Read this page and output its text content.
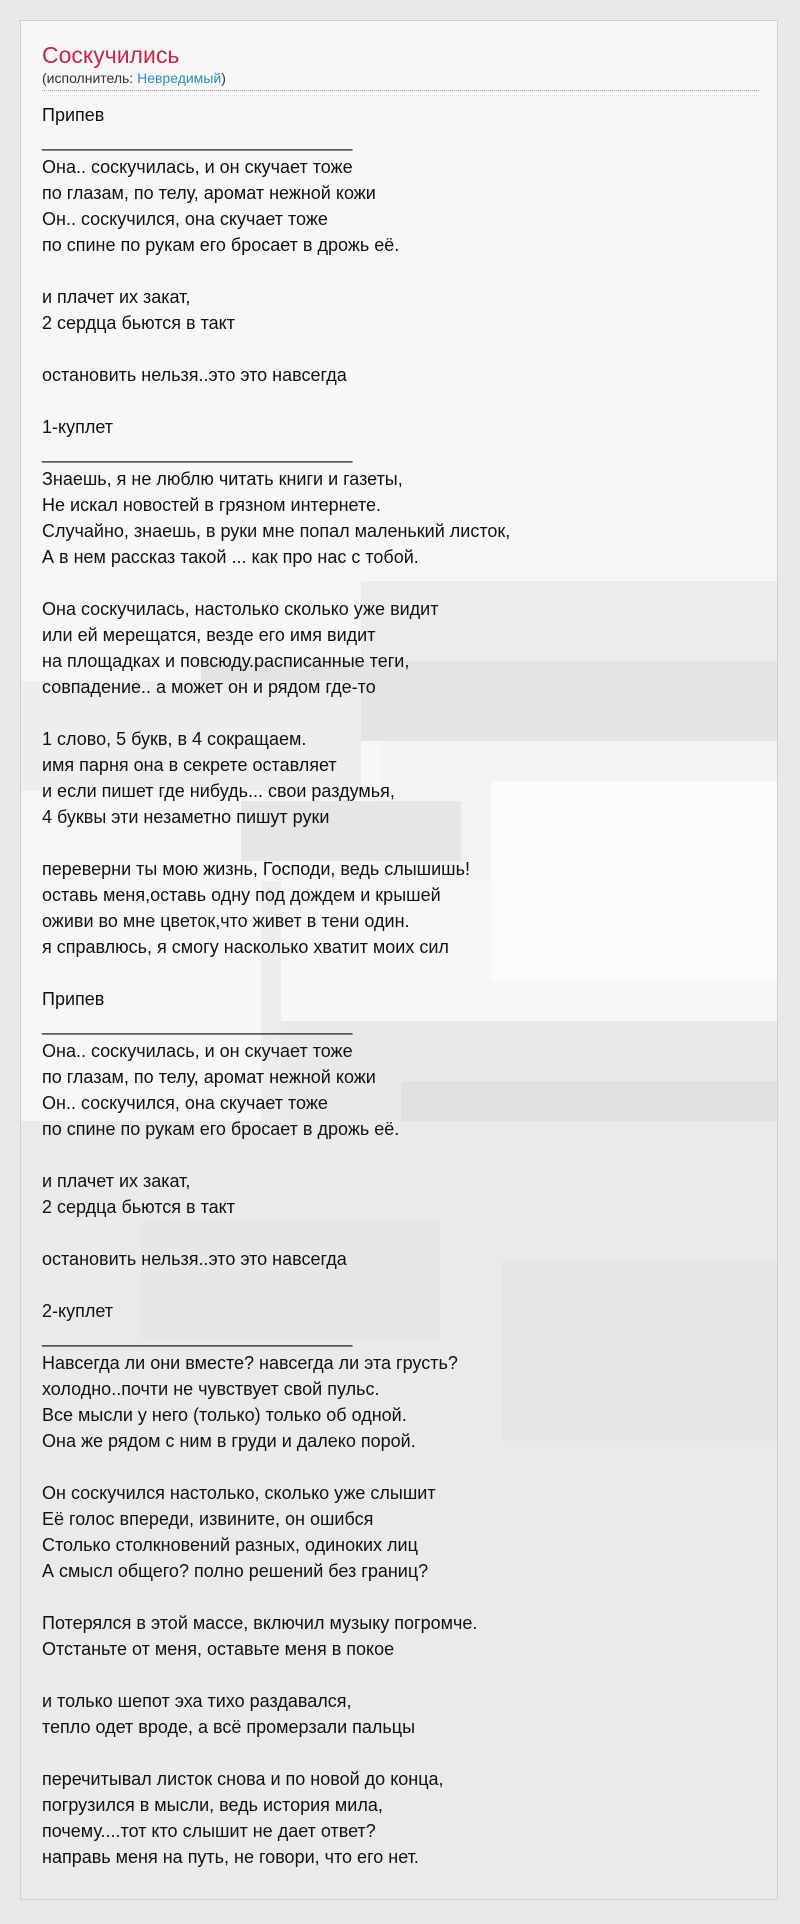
Соскучились
(исполнитель: Невредимый)
Припев
_______________________________
Она.. соскучилась, и он скучает тоже
по глазам, по телу, аромат нежной кожи
Он.. соскучился, она скучает тоже
по спине по рукам его бросает в дрожь её.
и плачет их закат,
2 сердца бьются в такт
остановить нельзя..это это навсегда
1-куплет
_______________________________
Знаешь, я не люблю читать книги и газеты,
Не искал новостей в грязном интернете.
Случайно, знаешь, в руки мне попал маленький листок,
А в нем рассказ такой ... как про нас с тобой.
Она соскучилась, настолько сколько уже видит
или ей мерещатся, везде его имя видит
на площадках и повсюду.расписанные теги,
совпадение.. а может он и рядом где-то
1 слово, 5 букв, в 4 сокращаем.
имя парня она в секрете оставляет
и если пишет где нибудь... свои раздумья,
4 буквы эти незаметно пишут руки
переверни ты мою жизнь, Господи, ведь слышишь!
оставь меня,оставь одну под дождем и крышей
оживи во мне цветок,что живет в тени один.
я справлюсь, я смогу насколько хватит моих сил
Припев
_______________________________
Она.. соскучилась, и он скучает тоже
по глазам, по телу, аромат нежной кожи
Он.. соскучился, она скучает тоже
по спине по рукам его бросает в дрожь её.
и плачет их закат,
2 сердца бьются в такт
остановить нельзя..это это навсегда
2-куплет
_______________________________
Навсегда ли они вместе? навсегда ли эта грусть?
холодно..почти не чувствует свой пульс.
Все мысли у него (только) только об одной.
Она же рядом с ним в груди и далеко порой.
Он соскучился настолько, сколько уже слышит
Её голос впереди, извините, он ошибся
Столько столкновений разных, одиноких лиц
А смысл общего? полно решений без границ?
Потерялся в этой массе, включил музыку погромче.
Отстаньте от меня, оставьте меня в покое
и только шепот эха тихо раздавался,
тепло одет вроде, а всё промерзали пальцы
перечитывал листок снова и по новой до конца,
погрузился в мысли, ведь история мила,
почему....тот кто слышит не дает ответ?
направь меня на путь, не говори, что его нет.
